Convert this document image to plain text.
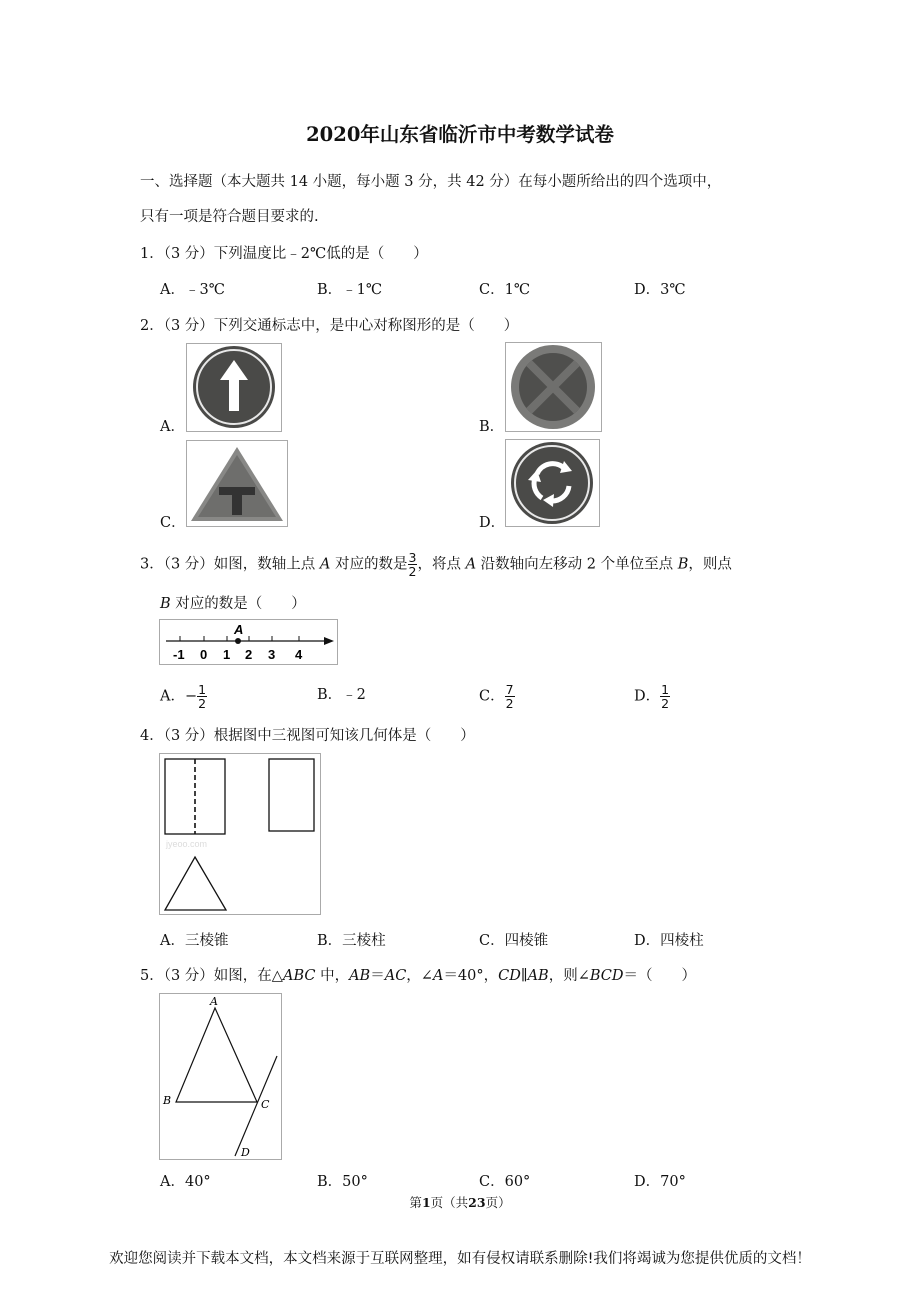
2020年山东省临沂市中考数学试卷
一、选择题（本大题共 14 小题，每小题 3 分，共 42 分）在每小题所给出的四个选项中，
只有一项是符合题目要求的.
1．（3 分）下列温度比﹣2℃低的是（　　）
A．﹣3℃	B．﹣1℃	C．1℃	D．3℃
2．（3 分）下列交通标志中，是中心对称图形的是（　　）
A．	B．
C．	D．
3．（3 分）如图，数轴上点 A 对应的数是 $\frac{3}{2}$ ，将点 A 沿数轴向左移动 2 个单位至点 B，则点
B 对应的数是（　　）
A
-1 0 1 2 3 4
A．− $\frac{1}{2}$	B．﹣2	C． $\frac{7}{2}$	D． $\frac{1}{2}$
4．（3 分）根据图中三视图可知该几何体是（　　）
jyeoo.com
A．三棱锥	B．三棱柱	C．四棱锥	D．四棱柱
5．（3 分）如图，在△ABC 中，AB＝AC，∠A＝40°，CD∥AB，则∠BCD＝（　　）
A
B	C
D
A．40°	B．50°	C．60°	D．70°
第1页（共23页）
欢迎您阅读并下载本文档，本文档来源于互联网整理，如有侵权请联系删除!我们将竭诚为您提供优质的文档！
